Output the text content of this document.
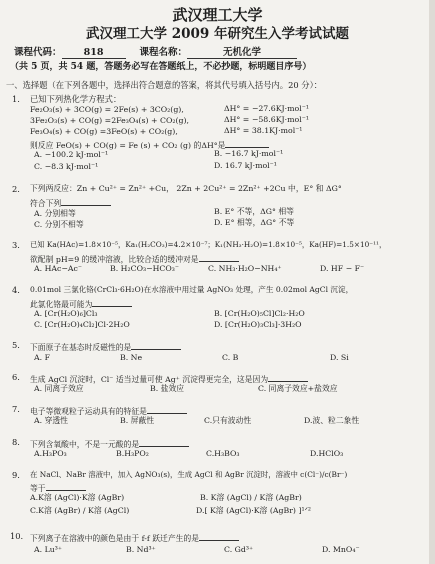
武汉理工大学
武汉理工大学 2009 年研究生入学考试试题
课程代码： 818	课程名称：	无机化学
（共 5 页，共 54 题，答题务必写在答题纸上，不必抄题，标明题目序号）
一、选择题（在下列各题中，选择出符合题意的答案，将其代号填入括号内。20 分）：
1. 已知下列热化学方程式：
Fe₂O₃(s) + 3CO(g) = 2Fe(s) + 3CO₂(g),	ΔH° = −27.6KJ·mol⁻¹
3Fe₂O₃(s) + CO(g) =2Fe₃O₄(s) + CO₂(g),	ΔH° = −58.6KJ·mol⁻¹
Fe₃O₄(s) + CO(g) =3FeO(s) + CO₂(g),	ΔH° = 38.1KJ·mol⁻¹
则反应 FeO(s) + CO(g) = Fe (s) + CO₂ (g) 的ΔH°是
A. −100.2 kJ·mol⁻¹	B. −16.7 kJ·mol⁻¹
C. −8.3 kJ·mol⁻¹	D. 16.7 kJ·mol⁻¹
2. 下列两反应：Zn + Cu²⁺ = Zn²⁺ +Cu， 2Zn + 2Cu²⁺ = 2Zn²⁺ +2Cu 中，E° 和 ΔG°
符合下列
A. 分别相等	B. E° 不等，ΔG° 相等
C. 分别不相等	D. E° 相等，ΔG° 不等
3. 已知 Ka(HAc)=1.8×10⁻⁵，Ka₁(H₂CO₃)=4.2×10⁻⁷；K₁(NH₃·H₂O)=1.8×10⁻⁵，Ka(HF)=1.5×10⁻¹¹，
欲配制 pH=9 的缓冲溶液，比较合适的缓冲对是
A. HAc−Ac⁻	B. H₂CO₃−HCO₃⁻	C. NH₃·H₂O−NH₄⁺	D. HF − F⁻
4. 0.01mol 三氯化铬(CrCl₃·6H₂O)在水溶液中用过量 AgNO₃ 处理，产生 0.02mol AgCl 沉淀，
此氯化铬最可能为
A. [Cr(H₂O)₆]Cl₃	B. [Cr(H₂O)₅Cl]Cl₂·H₂O
C. [Cr(H₂O)₄Cl₂]Cl·2H₂O	D. [Cr(H₂O)₃Cl₃]·3H₂O
5. 下面原子在基态时反磁性的是
A. F	B. Ne	C. B	D. Si
6. 生成 AgCl 沉淀时，Cl⁻ 适当过量可使 Ag⁺ 沉淀得更完全，这是因为
A. 同离子效应	B. 盐效应	C. 同离子效应+盐效应
7. 电子等微观粒子运动具有的特征是
A. 穿透性	B. 屏蔽性	C.只有波动性	D.波、粒二象性
8. 下列含氧酸中，不是一元酸的是
A.H₃PO₃	B.H₃PO₂	C.H₃BO₃	D.HClO₃
9. 在 NaCl、NaBr 溶液中，加入 AgNO₃(s)，生成 AgCl 和 AgBr 沉淀时，溶液中 c(Cl⁻)/c(Br⁻)
等于
A.K溶 (AgCl)·K溶 (AgBr)	B. K溶 (AgCl) / K溶 (AgBr)
C.K溶 (AgBr) / K溶 (AgCl)	D.[ K溶 (AgCl)·K溶 (AgBr) ]¹ᐟ²
10. 下列离子在溶液中的颜色是由于 f-f 跃迁产生的是
A. Lu³⁺	B. Nd³⁺	C. Gd³⁺	D. MnO₄⁻
